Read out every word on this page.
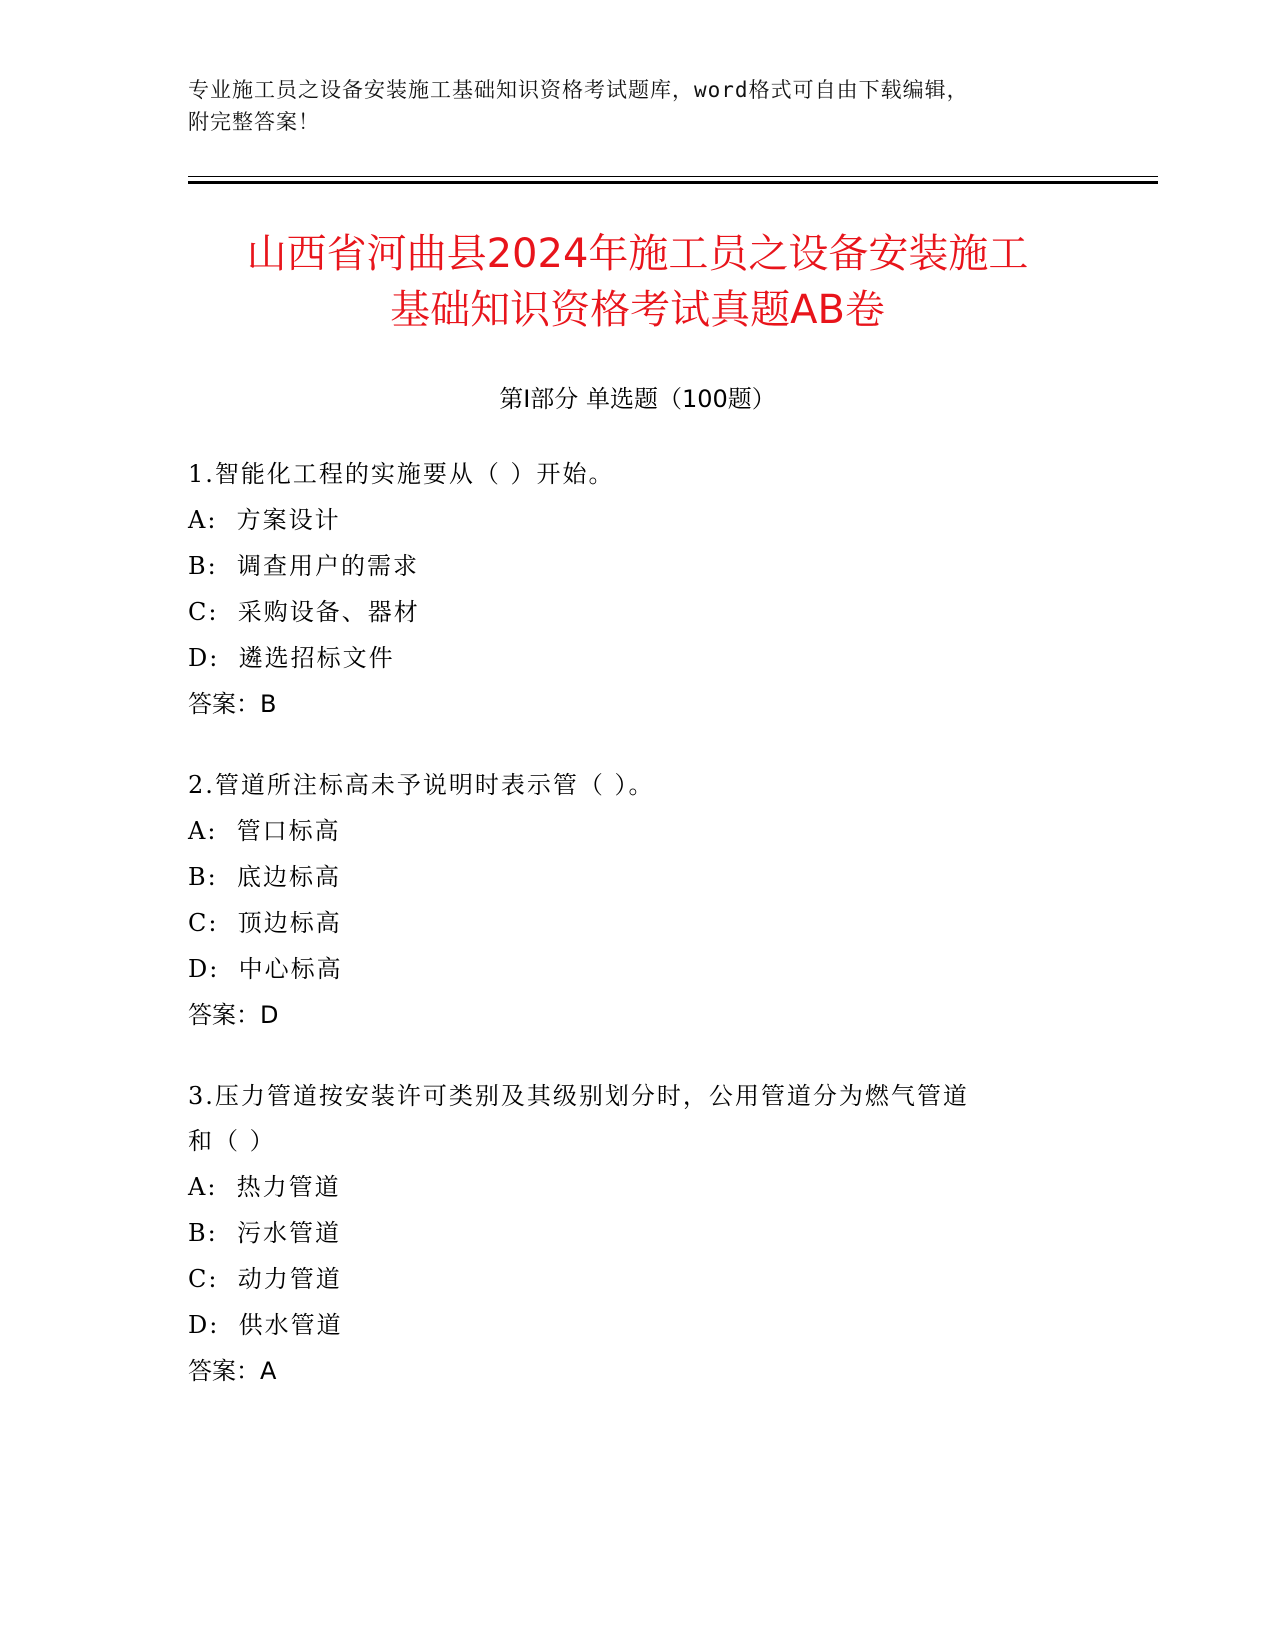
专业施工员之设备安装施工基础知识资格考试题库，word格式可自由下载编辑，
附完整答案！
山西省河曲县2024年施工员之设备安装施工
基础知识资格考试真题AB卷
第Ⅰ部分 单选题（100题）

1.智能化工程的实施要从（ ）开始。

A:  方案设计

B:  调查用户的需求

C:  采购设备、器材

D:  遴选招标文件

答案：B

2.管道所注标高未予说明时表示管（ ）。

A:  管口标高

B:  底边标高

C:  顶边标高

D:  中心标高

答案：D

3.压力管道按安装许可类别及其级别划分时，公用管道分为燃气管道

和（ ）

A:  热力管道

B:  污水管道

C:  动力管道

D:  供水管道

答案：A
